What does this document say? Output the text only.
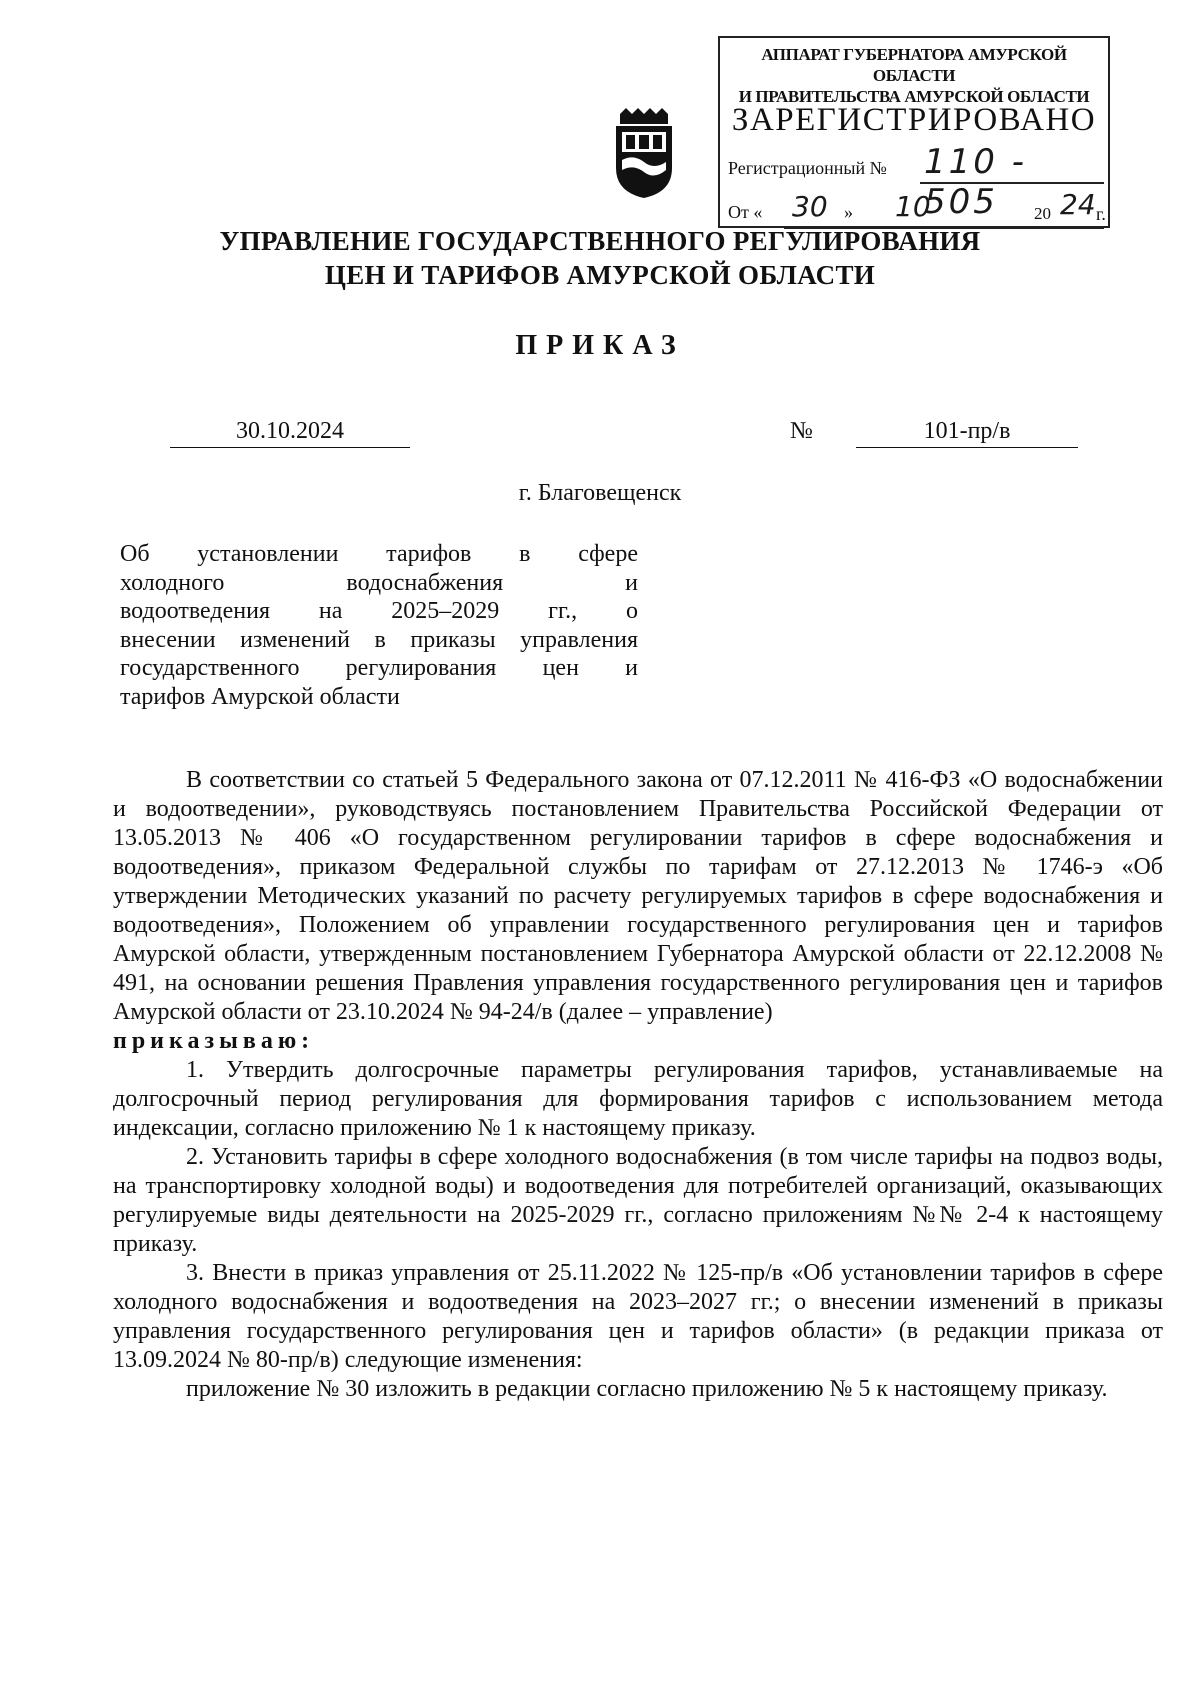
АППАРАТ ГУБЕРНАТОРА АМУРСКОЙ ОБЛАСТИ
И ПРАВИТЕЛЬСТВА АМУРСКОЙ ОБЛАСТИ
ЗАРЕГИСТРИРОВАНО
Регистрационный № 110 - 505
От « 30 » 10	20 24 г.
УПРАВЛЕНИЕ ГОСУДАРСТВЕННОГО РЕГУЛИРОВАНИЯ
ЦЕН И ТАРИФОВ АМУРСКОЙ ОБЛАСТИ
ПРИКАЗ
30.10.2024	№	101-пр/в
г. Благовещенск
Об установлении тарифов в сфере
холодного водоснабжения и
водоотведения на 2025–2029 гг., о
внесении изменений в приказы управления
государственного регулирования цен и
тарифов Амурской области

В соответствии со статьей 5 Федерального закона от 07.12.2011 № 416-ФЗ «О водоснабжении и водоотведении», руководствуясь постановлением Правительства Российской Федерации от 13.05.2013 № 406 «О государственном регулировании тарифов в сфере водоснабжения и водоотведения», приказом Федеральной службы по тарифам от 27.12.2013 № 1746-э «Об утверждении Методических указаний по расчету регулируемых тарифов в сфере водоснабжения и водоотведения», Положением об управлении государственного регулирования цен и тарифов Амурской области, утвержденным постановлением Губернатора Амурской области от 22.12.2008 № 491, на основании решения Правления управления государственного регулирования цен и тарифов Амурской области от 23.10.2024 № 94-24/в (далее – управление)

приказываю:

1. Утвердить долгосрочные параметры регулирования тарифов, устанавливаемые на долгосрочный период регулирования для формирования тарифов с использованием метода индексации, согласно приложению № 1 к настоящему приказу.

2. Установить тарифы в сфере холодного водоснабжения (в том числе тарифы на подвоз воды, на транспортировку холодной воды) и водоотведения для потребителей организаций, оказывающих регулируемые виды деятельности на 2025-2029 гг., согласно приложениям №№ 2-4 к настоящему приказу.

3. Внести в приказ управления от 25.11.2022 № 125-пр/в «Об установлении тарифов в сфере холодного водоснабжения и водоотведения на 2023–2027 гг.; о внесении изменений в приказы управления государственного регулирования цен и тарифов области» (в редакции приказа от 13.09.2024 № 80-пр/в) следующие изменения:

приложение № 30 изложить в редакции согласно приложению № 5 к настоящему приказу.
